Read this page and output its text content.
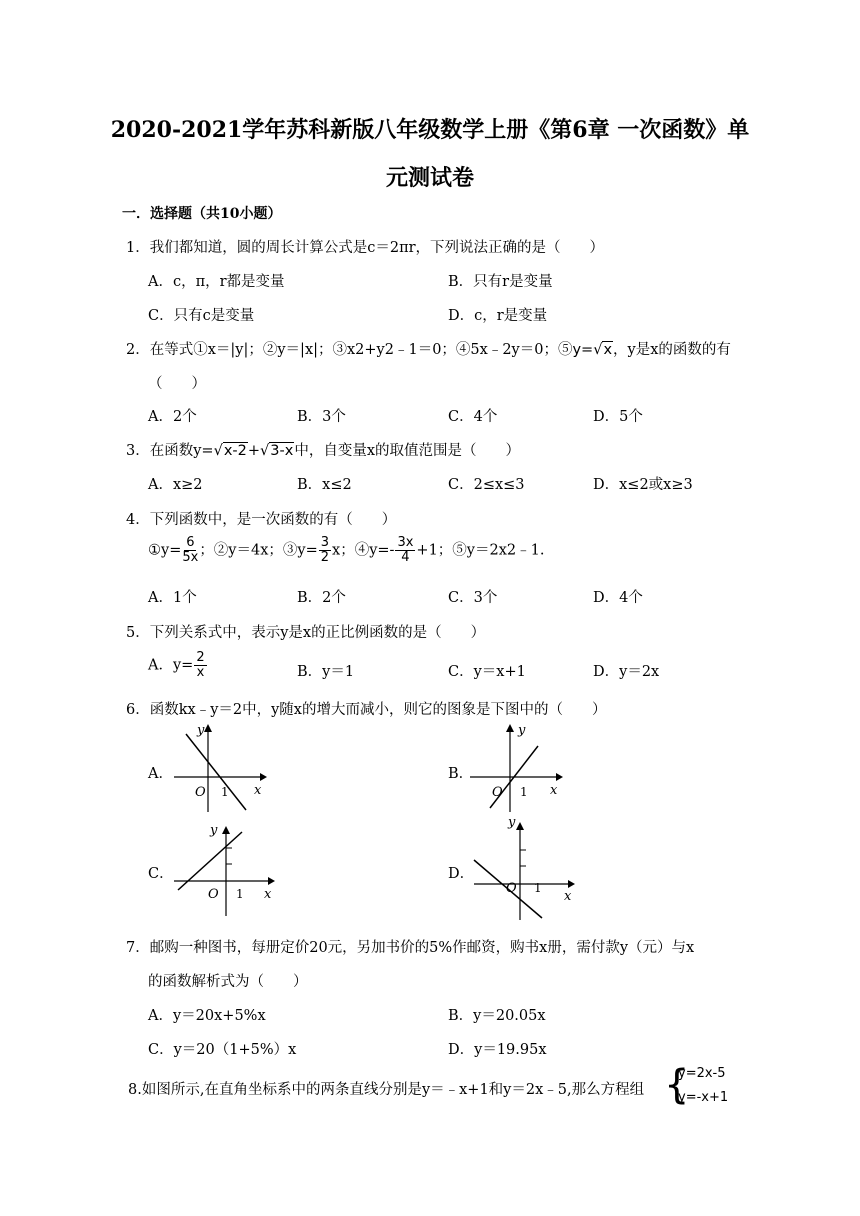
2020-2021学年苏科新版八年级数学上册《第6章 一次函数》单
元测试卷
一．选择题（共10小题）
1．我们都知道，圆的周长计算公式是c＝2πr，下列说法正确的是（　　）
A．c，π，r都是变量	B．只有r是变量
C．只有c是变量	D．c，r是变量
2．在等式①x＝|y|；②y＝|x|；③x2+y2﹣1＝0；④5x﹣2y＝0；⑤y=√x，y是x的函数的有
（　　）
A．2个	B．3个	C．4个	D．5个
3．在函数y=√x-2+√3-x中，自变量x的取值范围是（　　）
A．x≥2	B．x≤2	C．2≤x≤3	D．x≤2或x≥3
4．下列函数中，是一次函数的有（　　）
①y= $\frac{6}{5x}$ ；②y＝4x；③y= $\frac{3}{2}$ x；④y=- $\frac{3x}{4} +1$；⑤y＝2x2﹣1.
A．1个	B．2个	C．3个	D．4个
5．下列关系式中，表示y是x的正比例函数的是（　　）
A．$y= \frac{2}{x}$	B．y＝1	C．y＝x+1	D．y＝2x
6．函数kx﹣y＝2中，y随x的增大而减小，则它的图象是下图中的（　　）
A．
O 1 x
y
B．
O 1 x
y
C．
O 1 x
y
D．
O 1
x
y
7．邮购一种图书，每册定价20元，另加书价的5%作邮资，购书x册，需付款y（元）与x
的函数解析式为（　　）
A．y＝20x+5%x	B．y＝20.05x
C．y＝20（1+5%）x	D．y＝19.95x
8.如图所示,在直角坐标系中的两条直线分别是y＝﹣x+1和y＝2x﹣5,那么方程组 {
y=2x-5
y=-x+1
